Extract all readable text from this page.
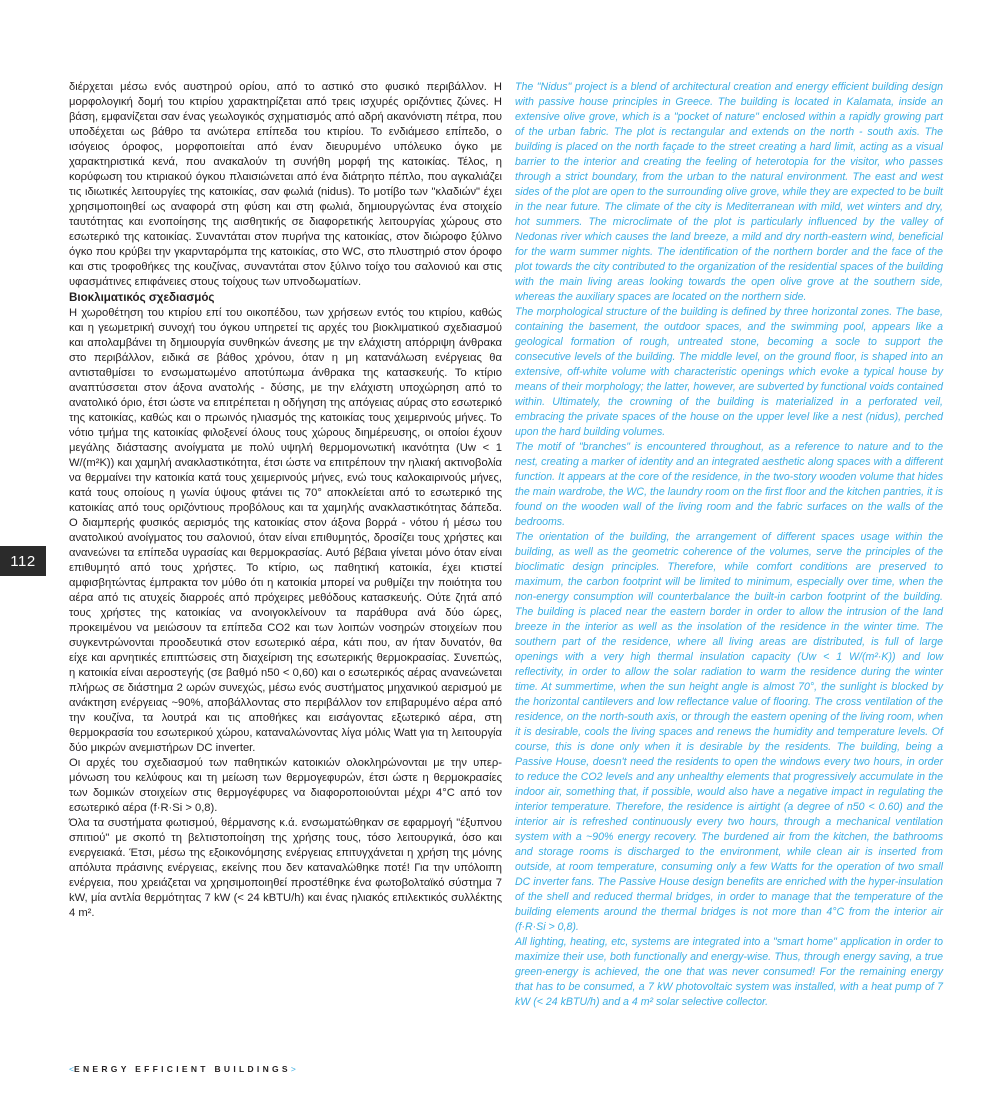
διέρχεται μέσω ενός αυστηρού ορίου, από το αστικό στο φυσικό περιβάλλον. Η μορφολογική δομή του κτιρίου χαρακτηρίζεται από τρεις ισχυρές οριζόντιες ζώνες. Η βάση, εμφανίζεται σαν ένας γεωλογικός σχηματισμός από αδρή ακανόνιστη πέτρα, που υποδέχεται ως βάθρο τα ανώτερα επίπεδα του κτιρίου. Το ενδιάμεσο επίπεδο, ο ισόγειος όροφος, μορφοποιείται από έναν διευρυμένο υπόλευκο όγκο με χαρακτηριστικά κενά, που ανακαλούν τη συνήθη μορφή της κατοικίας. Τέλος, η κορύφωση του κτιριακού όγκου πλαισιώνεται από ένα διάτρητο πέπλο, που αγκαλιάζει τις ιδιωτικές λειτουργίες της κατοικίας, σαν φωλιά (nidus). Το μοτίβο των "κλαδιών" έχει χρησιμοποιηθεί ως αναφορά στη φύση και στη φωλιά, δημιουργώντας ένα στοιχείο ταυτότητας και ενοποίησης της αισθητικής σε διαφορετικής λειτουργίας χώρους στο εσωτερικό της κατοικίας. Συναντάται στον πυρήνα της κατοικίας, στον διώροφο ξύλινο όγκο που κρύβει την γκαρνταρόμπα της κατοικίας, στο WC, στο πλυστηριό στον όροφο και στις τροφοθήκες της κουζίνας, συναντάται στον ξύλινο τοίχο του σαλονιού και στις υφασμάτινες επιφάνειες στους τοίχους των υπνοδωματίων.

Βιοκλιματικός σχεδιασμός

Η χωροθέτηση του κτιρίου επί του οικοπέδου, των χρήσεων εντός του κτιρίου, καθώς και η γεωμετρική συνοχή του όγκου υπηρετεί τις αρχές του βιοκλιματικού σχεδιασμού και απολαμβάνει τη δημιουργία συνθηκών άνεσης με την ελάχιστη απόρριψη άνθρακα στο περιβάλλον, ειδικά σε βάθος χρόνου, όταν η μη κατανάλωση ενέργειας θα αντισταθμίσει το ενσωματωμένο αποτύπωμα άνθρακα της κατασκευής. Το κτίριο αναπτύσσεται στον άξονα ανατολής - δύσης, με την ελάχιστη υποχώρηση από το ανατολικό όριο, έτσι ώστε να επιτρέπεται η οδήγηση της απόγειας αύρας στο εσωτερικό της κατοικίας, καθώς και ο πρωινός ηλιασμός της κατοικίας τους χειμερινούς μήνες. Το νότιο τμήμα της κατοικίας φιλοξενεί όλους τους χώρους διημέρευσης, οι οποίοι έχουν μεγάλης διάστασης ανοίγματα με πολύ υψηλή θερμομονωτική ικανότητα (Uw < 1 W/(m²K)) και χαμηλή ανακλαστικότητα, έτσι ώστε να επιτρέπουν την ηλιακή ακτινοβολία να θερμαίνει την κατοικία κατά τους χειμερινούς μήνες, ενώ τους καλοκαιρινούς μήνες, κατά τους οποίους η γωνία ύψους φτάνει τις 70° αποκλείεται από το εσωτερικό της κατοικίας από τους οριζόντιους προβόλους και τα χαμηλής ανακλαστικότητας δάπεδα. Ο διαμπερής φυσικός αερισμός της κατοικίας στον άξονα βορρά - νότου ή μέσω του ανατολικού ανοίγματος του σαλονιού, όταν είναι επιθυμητός, δροσίζει τους χρήστες και ανανεώνει τα επίπεδα υγρασίας και θερμοκρασίας. Αυτό βέβαια γίνεται μόνο όταν είναι επιθυμητό από τους χρήστες. Το κτίριο, ως παθητική κατοικία, έχει κτιστεί αμφισβητώντας έμπρακτα τον μύθο ότι η κατοικία μπορεί να ρυθμίζει την ποιότητα του αέρα από τις ατυχείς διαρροές από πρόχειρες μεθόδους κατασκευής. Ούτε ζητά από τους χρήστες της κατοικίας να ανοιγοκλείνουν τα παράθυρα ανά δύο ώρες, προκειμένου να μειώσουν τα επίπεδα CO2 και των λοιπών νοσηρών στοιχείων που συγκεντρώνονται προοδευτικά στον εσωτερικό αέρα, κάτι που, αν ήταν δυνατόν, θα είχε και αρνητικές επιπτώσεις στη διαχείριση της εσωτερικής θερμοκρασίας. Συνεπώς, η κατοικία είναι αεροστεγής (σε βαθμό n50 < 0,60) και ο εσωτερικός αέρας ανανεώνεται πλήρως σε διάστημα 2 ωρών συνεχώς, μέσω ενός συστήματος μηχανικού αερισμού με ανάκτηση ενέργειας ~90%, αποβάλλοντας στο περιβάλλον τον επιβαρυμένο αέρα από την κουζίνα, τα λουτρά και τις αποθήκες και εισάγοντας εξωτερικό αέρα, στη θερμοκρασία του εσωτερικού χώρου, καταναλώνοντας λίγα μόλις Watt για τη λειτουργία δύο μικρών ανεμιστήρων DC inverter.

Οι αρχές του σχεδιασμού των παθητικών κατοικιών ολοκληρώνονται με την υπερ-μόνωση του κελύφους και τη μείωση των θερμογεφυρών, έτσι ώστε η θερμοκρασίες των δομικών στοιχείων στις θερμογέφυρες να διαφοροποιούνται μέχρι 4°C από τον εσωτερικό αέρα (f·R·Si > 0,8).

Όλα τα συστήματα φωτισμού, θέρμανσης κ.ά. ενσωματώθηκαν σε εφαρμογή "έξυπνου σπιτιού" με σκοπό τη βελτιστοποίηση της χρήσης τους, τόσο λειτουργικά, όσο και ενεργειακά. Έτσι, μέσω της εξοικονόμησης ενέργειας επιτυγχάνεται η χρήση της μόνης απόλυτα πράσινης ενέργειας, εκείνης που δεν καταναλώθηκε ποτέ! Για την υπόλοιπη ενέργεια, που χρειάζεται να χρησιμοποιηθεί προστέθηκε ένα φωτοβολταϊκό σύστημα 7 kW, μία αντλία θερμότητας 7 kW (< 24 kBTU/h) και ένας ηλιακός επιλεκτικός συλλέκτης 4 m².

The "Nidus" project is a blend of architectural creation and energy efficient building design with passive house principles in Greece. The building is located in Kalamata, inside an extensive olive grove, which is a "pocket of nature" enclosed within a rapidly growing part of the urban fabric. The plot is rectangular and extends on the north - south axis. The building is placed on the north façade to the street creating a hard limit, acting as a visual barrier to the interior and creating the feeling of heterotopia for the visitor, who passes through a strict boundary, from the urban to the natural environment. The east and west sides of the plot are open to the surrounding olive grove, while they are expected to be built in the near future. The climate of the city is Mediterranean with mild, wet winters and dry, hot summers. The microclimate of the plot is particularly influenced by the valley of Nedonas river which causes the land breeze, a mild and dry north-eastern wind, beneficial for the warm summer nights. The identification of the northern border and the face of the plot towards the city contributed to the organization of the residential spaces of the building with the main living areas looking towards the open olive grove at the southern side, whereas the auxiliary spaces are located on the northern side.

The morphological structure of the building is defined by three horizontal zones. The base, containing the basement, the outdoor spaces, and the swimming pool, appears like a geological formation of rough, untreated stone, becoming a socle to support the consecutive levels of the building. The middle level, on the ground floor, is shaped into an extensive, off-white volume with characteristic openings which evoke a typical house by means of their morphology; the latter, however, are subverted by functional voids contained within. Ultimately, the crowning of the building is materialized in a perforated veil, embracing the private spaces of the house on the upper level like a nest (nidus), perched upon the hard building volumes.

The motif of "branches" is encountered throughout, as a reference to nature and to the nest, creating a marker of identity and an integrated aesthetic along spaces with a different function. It appears at the core of the residence, in the two-story wooden volume that hides the main wardrobe, the WC, the laundry room on the first floor and the kitchen pantries, it is found on the wooden wall of the living room and the fabric surfaces on the walls of the bedrooms.

The orientation of the building, the arrangement of different spaces usage within the building, as well as the geometric coherence of the volumes, serve the principles of the bioclimatic design principles. Therefore, while comfort conditions are preserved to maximum, the carbon footprint will be limited to minimum, especially over time, when the non-energy consumption will counterbalance the built-in carbon footprint of the building. The building is placed near the eastern border in order to allow the intrusion of the land breeze in the interior as well as the insolation of the residence in the winter time. The southern part of the residence, where all living areas are distributed, is full of large openings with a very high thermal insulation capacity (Uw < 1 W/(m²·K)) and low reflectivity, in order to allow the solar radiation to warm the residence during the winter time. At summertime, when the sun height angle is almost 70°, the sunlight is blocked by the horizontal cantilevers and low reflectance value of flooring. The cross ventilation of the residence, on the north-south axis, or through the eastern opening of the living room, when it is desirable, cools the living spaces and renews the humidity and temperature levels. Of course, this is done only when it is desirable by the residents. The building, being a Passive House, doesn't need the residents to open the windows every two hours, in order to reduce the CO2 levels and any unhealthy elements that progressively accumulate in the indoor air, something that, if possible, would also have a negative impact in regulating the interior temperature. Therefore, the residence is airtight (a degree of n50 < 0.60) and the interior air is refreshed continuously every two hours, through a mechanical ventilation system with a ~90% energy recovery. The burdened air from the kitchen, the bathrooms and storage rooms is discharged to the environment, while clean air is inserted from outside, at room temperature, consuming only a few Watts for the operation of two small DC inverter fans. The Passive House design benefits are enriched with the hyper-insulation of the shell and reduced thermal bridges, in order to manage that the temperature of the building elements around the thermal bridges is not more than 4°C from the interior air (f·R·Si > 0,8).

All lighting, heating, etc, systems are integrated into a "smart home" application in order to maximize their use, both functionally and energy-wise. Thus, through energy saving, a true green-energy is achieved, the one that was never consumed! For the remaining energy that has to be consumed, a 7 kW photovoltaic system was installed, with a heat pump of 7 kW (< 24 kBTU/h) and a 4 m² solar selective collector.

112
<ENERGY EFFICIENT BUILDINGS>
